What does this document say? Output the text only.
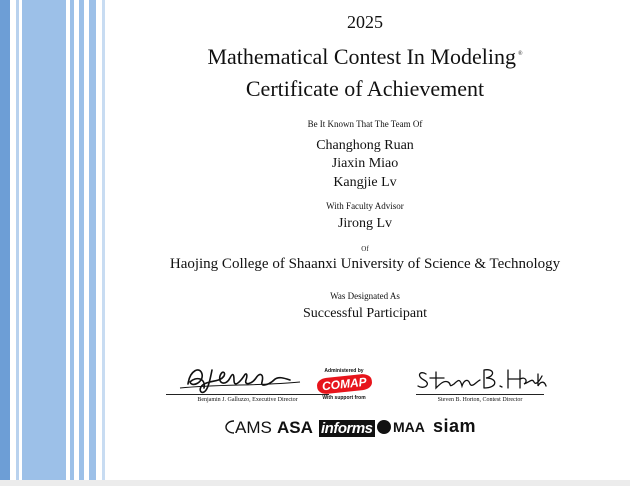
2025
Mathematical Contest In Modeling ®
Certificate of Achievement
Be It Known That The Team Of
Changhong Ruan
Jiaxin Miao
Kangjie Lv
With Faculty Advisor
Jirong Lv
Of
Haojing College of Shaanxi University of Science & Technology
Was Designated As
Successful Participant
Benjamin J. Galluzzo, Executive Director
Administered by
COMAP
With support from	Steven B. Horton, Contest Director
AMS ASA informs	MAA siam
